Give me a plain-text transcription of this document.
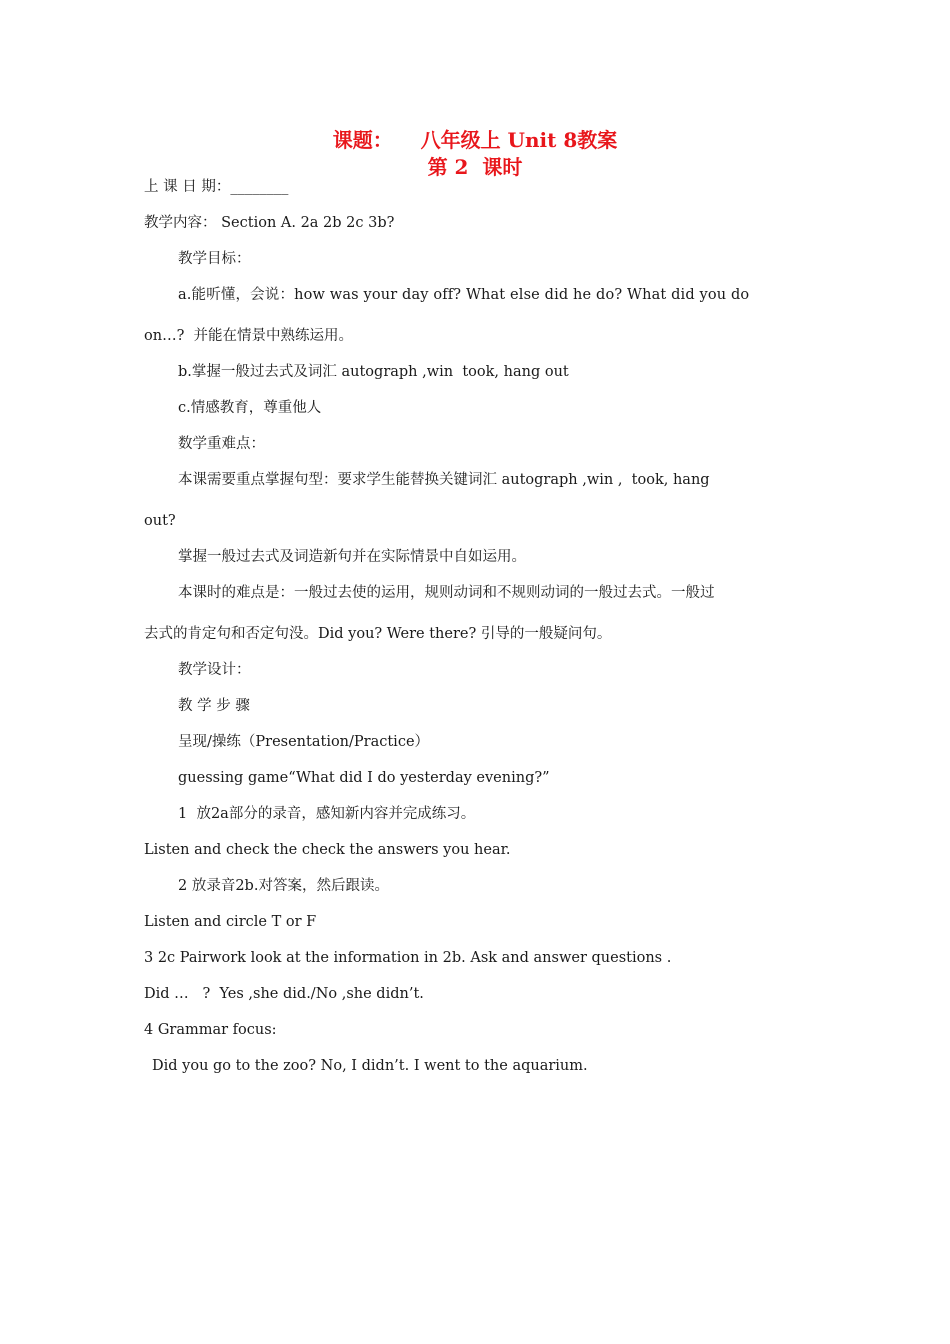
课题：    八年级上 Unit 8教案
第 2  课时
上 课 日 期：________
教学内容： Section A. 2a 2b 2c 3b?
教学目标：
a.能听懂，会说：how was your day off? What else did he do? What did you do
on…?  并能在情景中熟练运用。
b.掌握一般过去式及词汇 autograph ,win  took, hang out
c.情感教育，尊重他人
数学重难点：
本课需要重点掌握句型：要求学生能替换关键词汇 autograph ,win ,  took, hang
out?
掌握一般过去式及词造新句并在实际情景中自如运用。
本课时的难点是：一般过去使的运用，规则动词和不规则动词的一般过去式。一般过
去式的肯定句和否定句没。Did you? Were there? 引导的一般疑问句。
教学设计：
教 学 步 骤
呈现/操练（Presentation/Practice）
guessing game“What did I do yesterday evening?”
1  放2a部分的录音，感知新内容并完成练习。
Listen and check the check the answers you hear.
2 放录音2b.对答案，然后跟读。
Listen and circle T or F
3 2c Pairwork look at the information in 2b. Ask and answer questions .
Did …   ?  Yes ,she did./No ,she didn’t.
4 Grammar focus:
Did you go to the zoo? No, I didn’t. I went to the aquarium.
